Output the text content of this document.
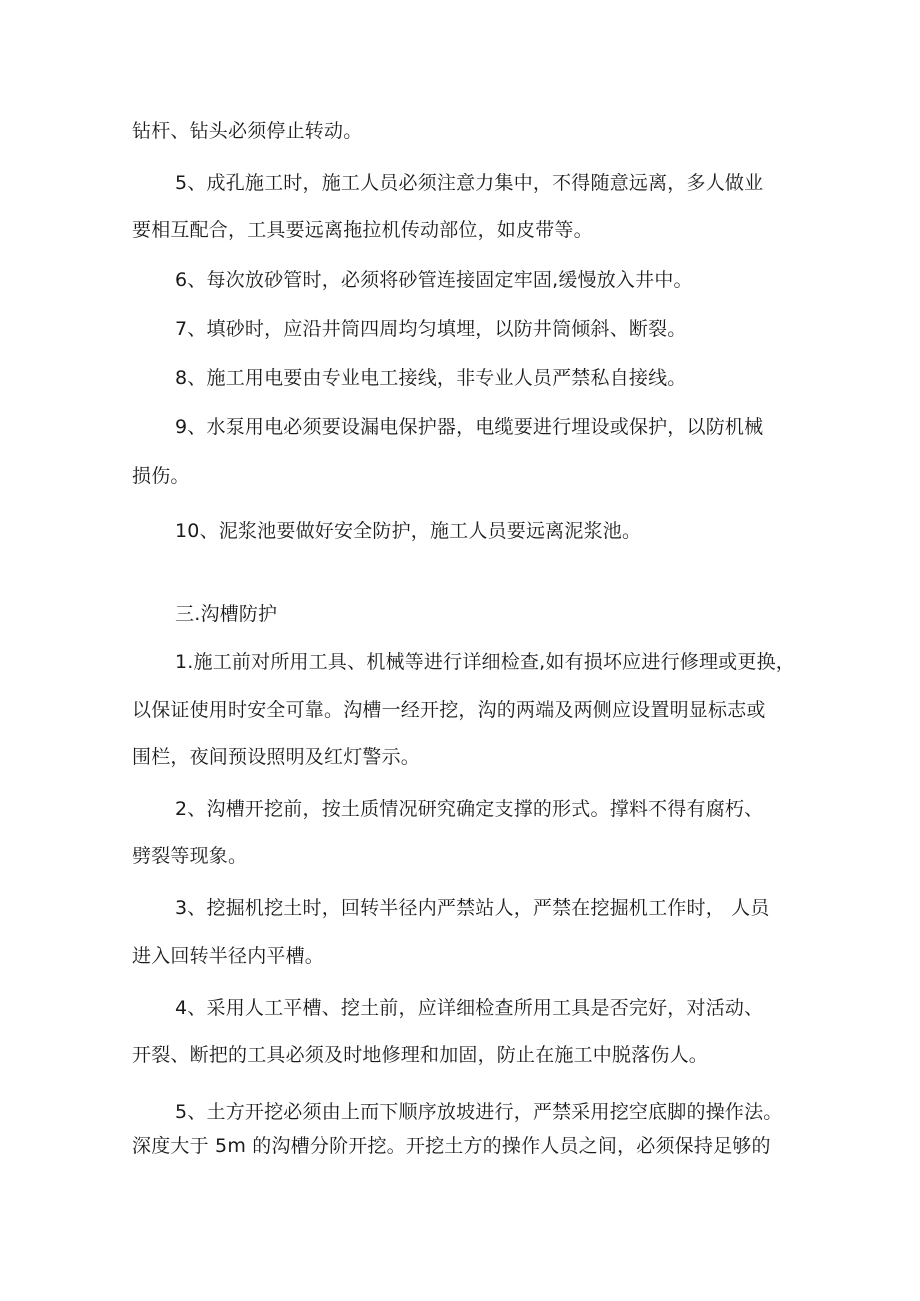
钻杆、钻头必须停止转动。
5、成孔施工时，施工人员必须注意力集中，不得随意远离，多人做业
要相互配合，工具要远离拖拉机传动部位，如皮带等。
6、每次放砂管时，必须将砂管连接固定牢固,缓慢放入井中。
7、填砂时，应沿井筒四周均匀填埋，以防井筒倾斜、断裂。
8、施工用电要由专业电工接线，非专业人员严禁私自接线。
9、水泵用电必须要设漏电保护器，电缆要进行埋设或保护，以防机械
损伤。
10、泥浆池要做好安全防护，施工人员要远离泥浆池。
三.沟槽防护
1.施工前对所用工具、机械等进行详细检查,如有损坏应进行修理或更换，
以保证使用时安全可靠。沟槽一经开挖，沟的两端及两侧应设置明显标志或
围栏，夜间预设照明及红灯警示。
2、沟槽开挖前，按土质情况研究确定支撑的形式。撑料不得有腐朽、
劈裂等现象。
3、挖掘机挖土时，回转半径内严禁站人，严禁在挖掘机工作时， 人员
进入回转半径内平槽。
4、采用人工平槽、挖土前，应详细检查所用工具是否完好，对活动、
开裂、断把的工具必须及时地修理和加固，防止在施工中脱落伤人。
5、土方开挖必须由上而下顺序放坡进行，严禁采用挖空底脚的操作法。
深度大于 5m 的沟槽分阶开挖。开挖土方的操作人员之间，必须保持足够的
